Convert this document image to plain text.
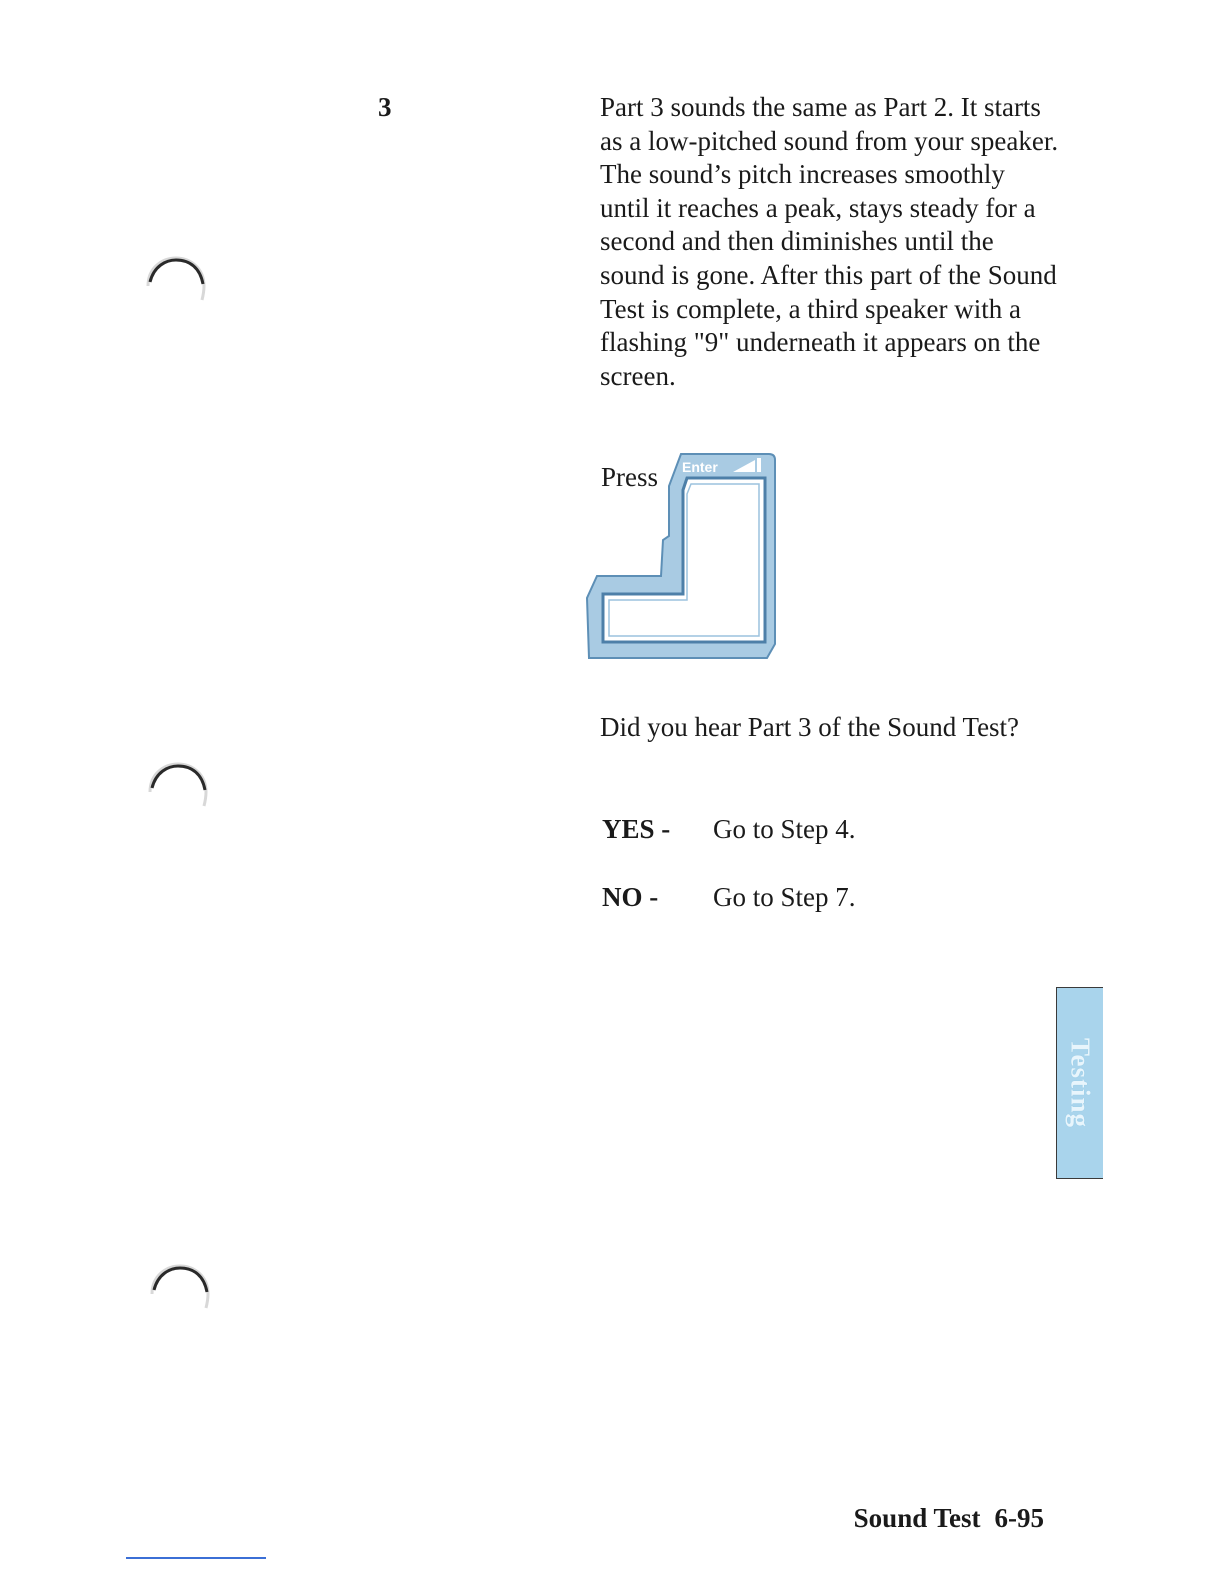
3	Part 3 sounds the same as Part 2. It starts as a low-pitched sound from your speaker. The sound’s pitch increases smoothly until it reaches a peak, stays steady for a second and then diminishes until the sound is gone. After this part of the Sound Test is complete, a third speaker with a flashing "9" underneath it appears on the screen.

Press Enter

Did you hear Part 3 of the Sound Test?

YES - Go to Step 4.
NO - Go to Step 7.
Testing
Sound Test 6-95
